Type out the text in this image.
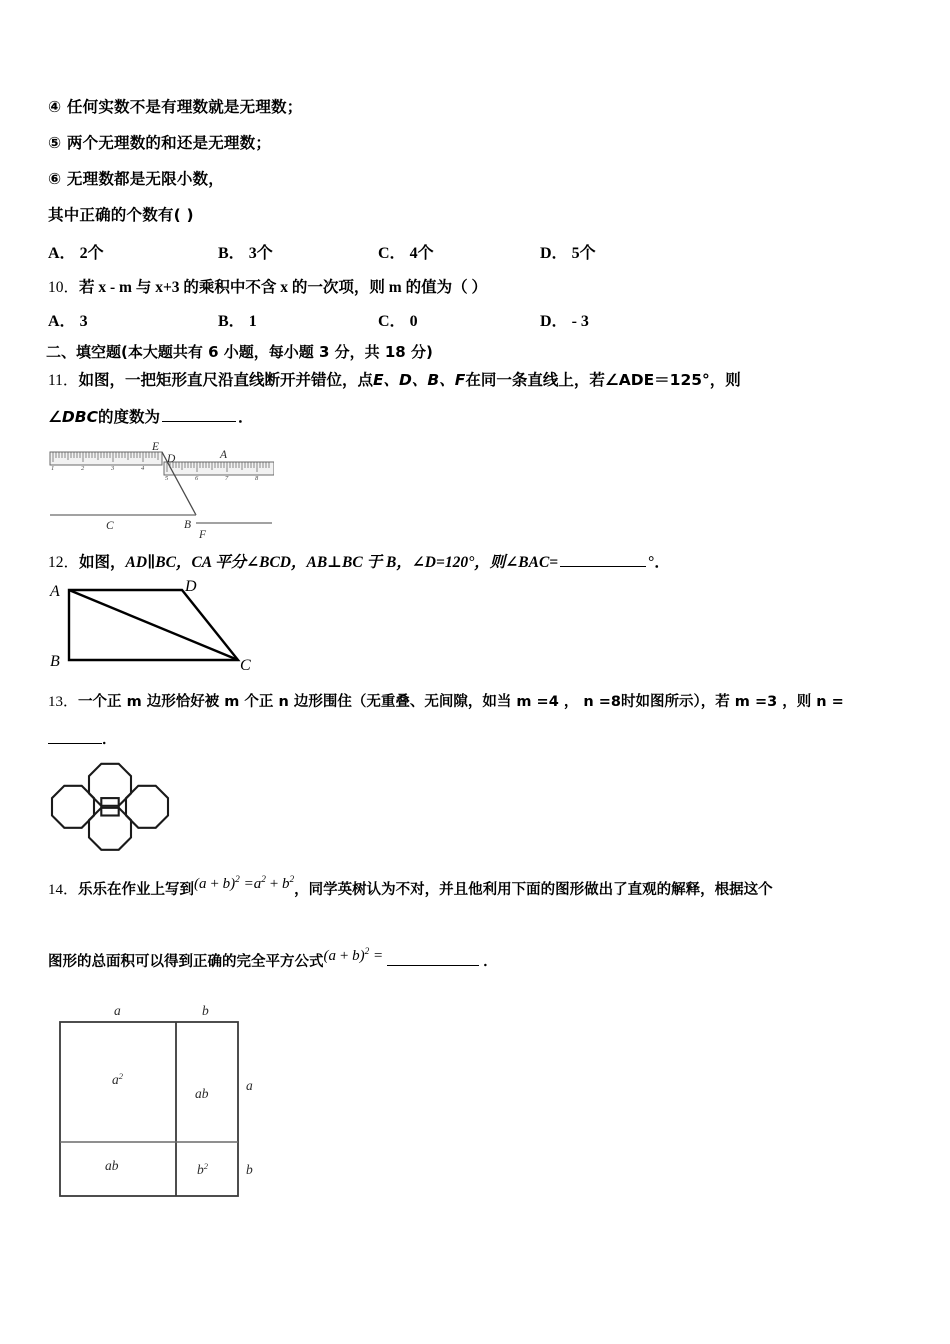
④ 任何实数不是有理数就是无理数；
⑤ 两个无理数的和还是无理数；
⑥ 无理数都是无限小数，
其中正确的个数有( )
A． 2个	B． 3个	C． 4个	D． 5个
10．若 x - m 与 x+3 的乘积中不含 x 的一次项，则 m 的值为（ ）
A． 3	B． 1	C． 0	D． - 3
二、填空题(本大题共有 6 小题，每小题 3 分，共 18 分)
11．如图，一把矩形直尺沿直线断开并错位，点E、D、B、F在同一条直线上，若∠ADE＝125°，则
∠DBC的度数为	．
1	2	3	4
5	6	7	8
E
D	A
C	B
F
12．如图，AD∥BC，CA 平分∠BCD，AB⊥BC 于 B，∠D=120°，则∠BAC=	°．
A	D
B	C
13．一个正 m 边形恰好被 m 个正 n 边形围住（无重叠、无间隙，如当 m =4 ， n =8时如图所示），若 m =3 ，则 n =
．
14．乐乐在作业上写到$(a + b)^2 =a^2 + b^2$，同学英树认为不对，并且他利用下面的图形做出了直观的解释，根据这个
图形的总面积可以得到正确的完全平方公式$(a + b)^2$ =	．
a	b
a
b
$a^2$
ab
ab	$b^2$
